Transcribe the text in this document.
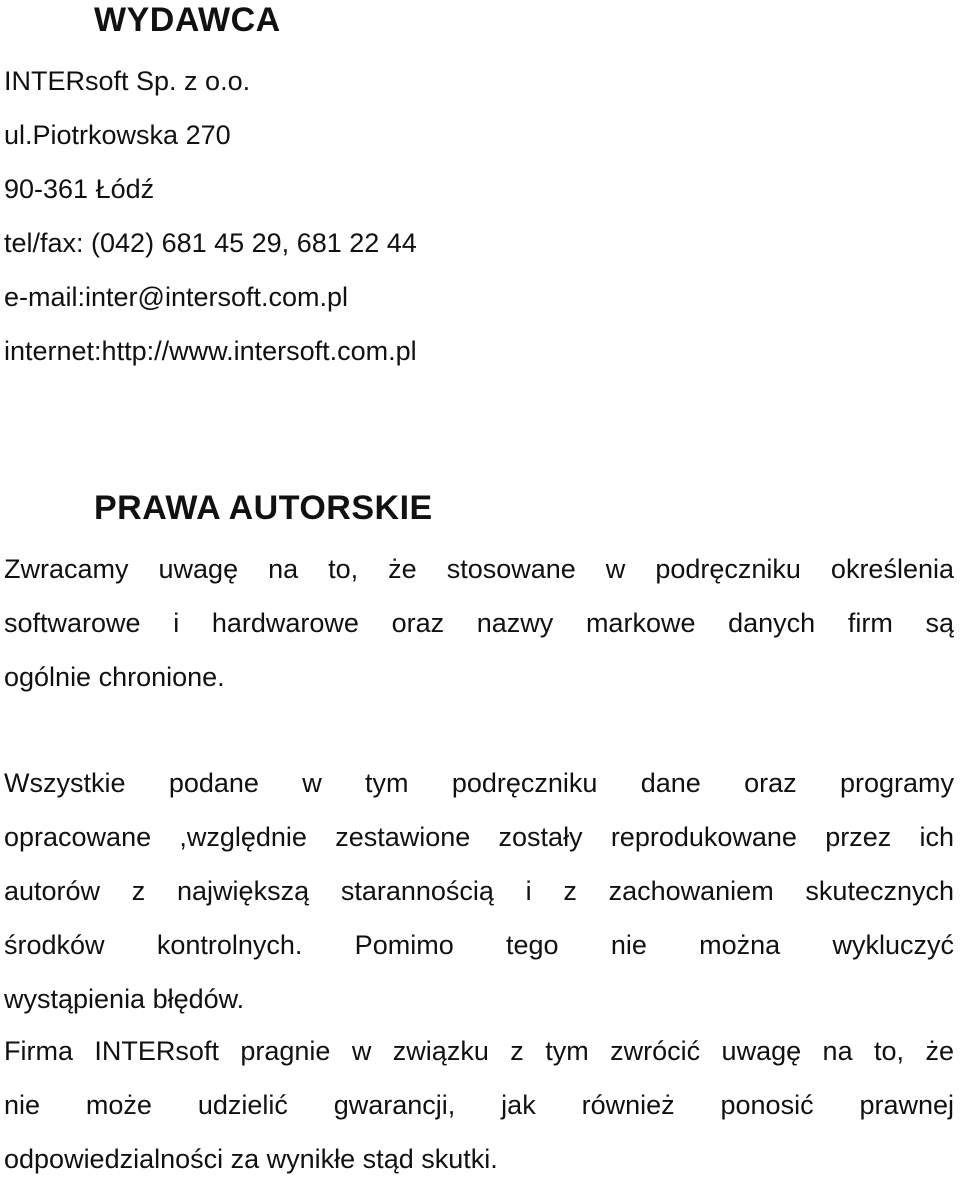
WYDAWCA
INTERsoft Sp. z o.o.
ul.Piotrkowska 270
90-361 Łódź
tel/fax: (042) 681 45 29, 681 22 44
e-mail:inter@intersoft.com.pl
internet:http://www.intersoft.com.pl
PRAWA AUTORSKIE
Zwracamy uwagę na to, że stosowane w podręczniku określenia
softwarowe i hardwarowe oraz nazwy markowe danych firm są
ogólnie chronione.
Wszystkie podane w tym podręczniku dane oraz programy
opracowane ,względnie zestawione zostały reprodukowane przez ich
autorów z największą starannością i z zachowaniem skutecznych
środków kontrolnych. Pomimo tego nie można wykluczyć
wystąpienia błędów.
Firma INTERsoft pragnie w związku z tym zwrócić uwagę na to, że
nie może udzielić gwarancji, jak również ponosić prawnej
odpowiedzialności za wynikłe stąd skutki.
